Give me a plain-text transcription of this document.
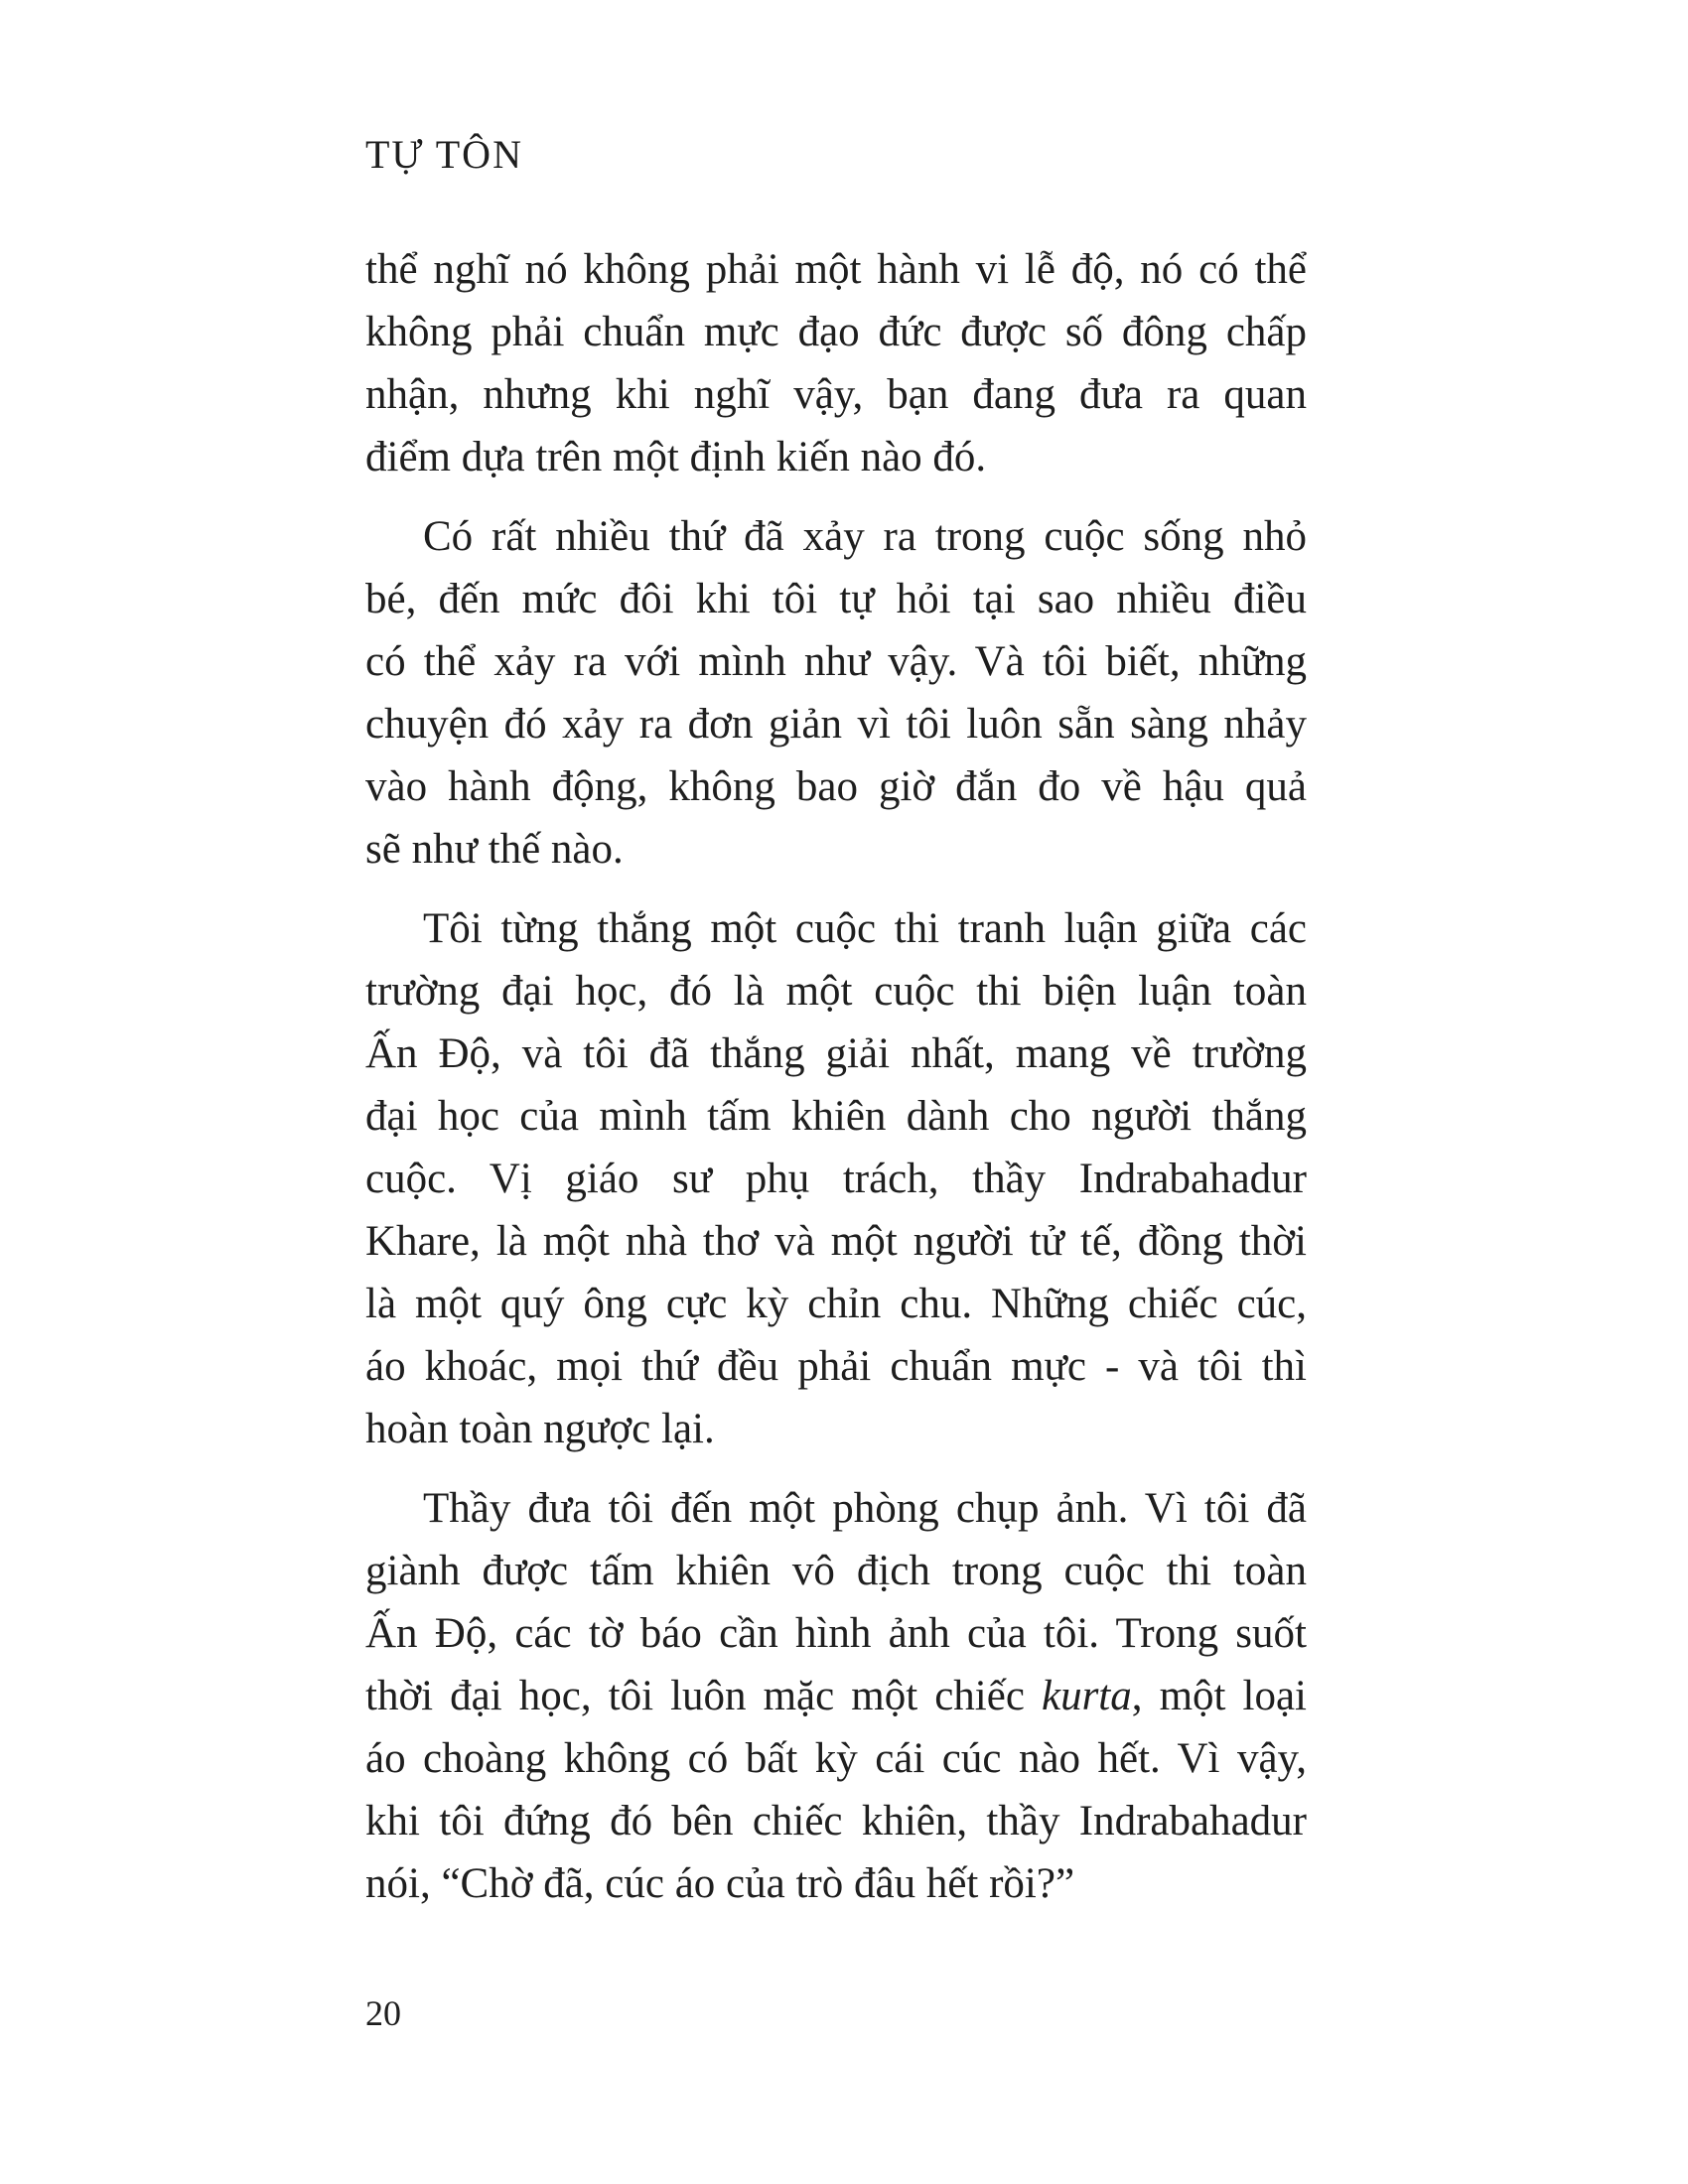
TỰ TÔN
thể nghĩ nó không phải một hành vi lễ độ, nó có thể
không phải chuẩn mực đạo đức được số đông chấp
nhận, nhưng khi nghĩ vậy, bạn đang đưa ra quan
điểm dựa trên một định kiến nào đó.
Có rất nhiều thứ đã xảy ra trong cuộc sống nhỏ
bé, đến mức đôi khi tôi tự hỏi tại sao nhiều điều
có thể xảy ra với mình như vậy. Và tôi biết, những
chuyện đó xảy ra đơn giản vì tôi luôn sẵn sàng nhảy
vào hành động, không bao giờ đắn đo về hậu quả
sẽ như thế nào.
Tôi từng thắng một cuộc thi tranh luận giữa các
trường đại học, đó là một cuộc thi biện luận toàn
Ấn Độ, và tôi đã thắng giải nhất, mang về trường
đại học của mình tấm khiên dành cho người thắng
cuộc. Vị giáo sư phụ trách, thầy Indrabahadur
Khare, là một nhà thơ và một người tử tế, đồng thời
là một quý ông cực kỳ chỉn chu. Những chiếc cúc,
áo khoác, mọi thứ đều phải chuẩn mực - và tôi thì
hoàn toàn ngược lại.
Thầy đưa tôi đến một phòng chụp ảnh. Vì tôi đã
giành được tấm khiên vô địch trong cuộc thi toàn
Ấn Độ, các tờ báo cần hình ảnh của tôi. Trong suốt
thời đại học, tôi luôn mặc một chiếc kurta, một loại
áo choàng không có bất kỳ cái cúc nào hết. Vì vậy,
khi tôi đứng đó bên chiếc khiên, thầy Indrabahadur
nói, “Chờ đã, cúc áo của trò đâu hết rồi?”
20
